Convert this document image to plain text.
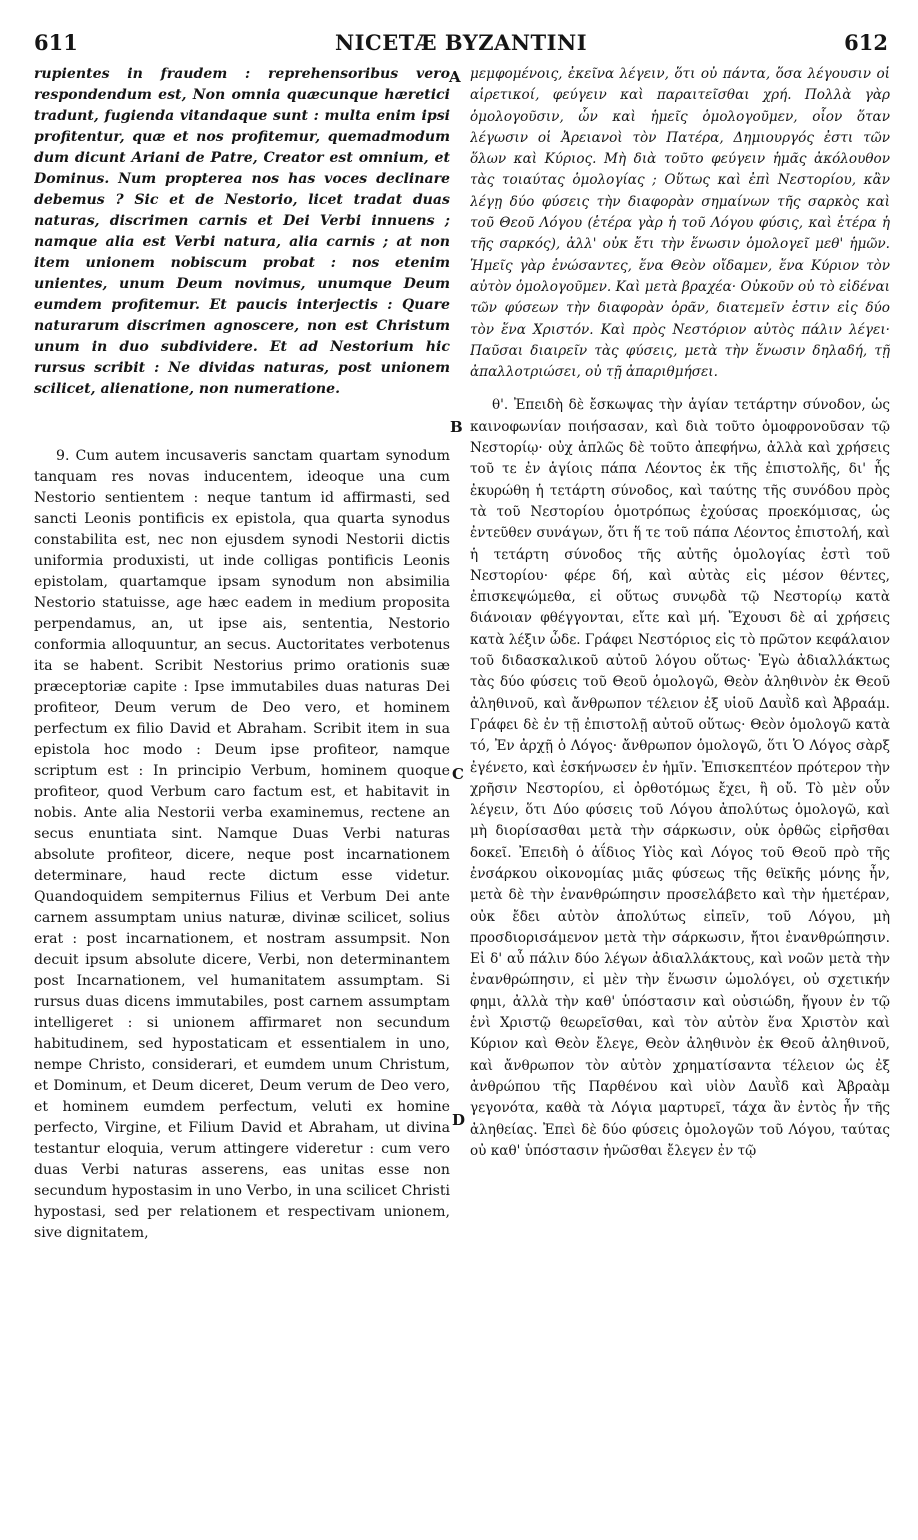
611	NICETÆ BYZANTINI	612

rupientes in fraudem : reprehensoribus vero respondendum est, Non omnia quæcunque hæretici tradunt, fugienda vitandaque sunt : multa enim ipsi profitentur, quæ et nos profitemur, quemadmodum dum dicunt Ariani de Patre, Creator est omnium, et Dominus. Num propterea nos has voces declinare debemus ? Sic et de Nestorio, licet tradat duas naturas, discrimen carnis et Dei Verbi innuens ; namque alia est Verbi natura, alia carnis ; at non item unionem nobiscum probat : nos etenim unientes, unum Deum novimus, unumque Deum eumdem profitemur. Et paucis interjectis : Quare naturarum discrimen agnoscere, non est Christum unum in duo subdividere. Et ad Nestorium hic rursus scribit : Ne dividas naturas, post unionem scilicet, alienatione, non numeratione.

9. Cum autem incusaveris sanctam quartam synodum tanquam res novas inducentem, ideoque una cum Nestorio sentientem : neque tantum id affirmasti, sed sancti Leonis pontificis ex epistola, qua quarta synodus constabilita est, nec non ejusdem synodi Nestorii dictis uniformia produxisti, ut inde colligas pontificis Leonis epistolam, quartamque ipsam synodum non absimilia Nestorio statuisse, age hæc eadem in medium proposita perpendamus, an, ut ipse ais, sententia, Nestorio conformia alloquuntur, an secus. Auctoritates verbotenus ita se habent. Scribit Nestorius primo orationis suæ præceptoriæ capite : Ipse immutabiles duas naturas Dei profiteor, Deum verum de Deo vero, et hominem perfectum ex filio David et Abraham. Scribit item in sua epistola hoc modo : Deum ipse profiteor, namque scriptum est : In principio Verbum, hominem quoque profiteor, quod Verbum caro factum est, et habitavit in nobis. Ante alia Nestorii verba examinemus, rectene an secus enuntiata sint. Namque Duas Verbi naturas absolute profiteor, dicere, neque post incarnationem determinare, haud recte dictum esse videtur. Quandoquidem sempiternus Filius et Verbum Dei ante carnem assumptam unius naturæ, divinæ scilicet, solius erat : post incarnationem, et nostram assumpsit. Non decuit ipsum absolute dicere, Verbi, non determinantem post Incarnationem, vel humanitatem assumptam. Si rursus duas dicens immutabiles, post carnem assumptam intelligeret : si unionem affirmaret non secundum habitudinem, sed hypostaticam et essentialem in uno, nempe Christo, considerari, et eumdem unum Christum, et Dominum, et Deum diceret, Deum verum de Deo vero, et hominem eumdem perfectum, veluti ex homine perfecto, Virgine, et Filium David et Abraham, ut divina testantur eloquia, verum attingere videretur : cum vero duas Verbi naturas asserens, eas unitas esse non secundum hypostasim in uno Verbo, in una scilicet Christi hypostasi, sed per relationem et respectivam unionem, sive dignitatem,

μεμφομένοις, ἐκεῖνα λέγειν, ὅτι οὐ πάντα, ὅσα λέγουσιν οἱ αἱρετικοί, φεύγειν καὶ παραιτεῖσθαι χρή. Πολλὰ γὰρ ὁμολογοῦσιν, ὧν καὶ ἡμεῖς ὁμολογοῦμεν, οἷον ὅταν λέγωσιν οἱ Ἀρειανοὶ τὸν Πατέρα, Δημιουργός ἐστι τῶν ὅλων καὶ Κύριος. Μὴ διὰ τοῦτο φεύγειν ἡμᾶς ἀκόλουθον τὰς τοιαύτας ὁμολογίας ; Οὕτως καὶ ἐπὶ Νεστορίου, κἂν λέγῃ δύο φύσεις τὴν διαφορὰν σημαίνων τῆς σαρκὸς καὶ τοῦ Θεοῦ Λόγου (ἑτέρα γὰρ ἡ τοῦ Λόγου φύσις, καὶ ἑτέρα ἡ τῆς σαρκός), ἀλλ' οὐκ ἔτι τὴν ἕνωσιν ὁμολογεῖ μεθ' ἡμῶν. Ἡμεῖς γὰρ ἑνώσαντες, ἕνα Θεὸν οἴδαμεν, ἕνα Κύριον τὸν αὐτὸν ὁμολογοῦμεν. Καὶ μετὰ βραχέα· Οὐκοῦν οὐ τὸ εἰδέναι τῶν φύσεων τὴν διαφορὰν ὁρᾶν, διατεμεῖν ἐστιν εἰς δύο τὸν ἕνα Χριστόν. Καὶ πρὸς Νεστόριον αὐτὸς πάλιν λέγει· Παῦσαι διαιρεῖν τὰς φύσεις, μετὰ τὴν ἕνωσιν δηλαδή, τῇ ἀπαλλοτριώσει, οὐ τῇ ἀπαριθμήσει.

θ'. Ἐπειδὴ δὲ ἔσκωψας τὴν ἁγίαν τετάρτην σύνοδον, ὡς καινοφωνίαν ποιήσασαν, καὶ διὰ τοῦτο ὁμοφρονοῦσαν τῷ Νεστορίῳ· οὐχ ἁπλῶς δὲ τοῦτο ἀπεφήνω, ἀλλὰ καὶ χρήσεις τοῦ τε ἐν ἁγίοις πάπα Λέοντος ἐκ τῆς ἐπιστολῆς, δι' ἧς ἐκυρώθη ἡ τετάρτη σύνοδος, καὶ ταύτης τῆς συνόδου πρὸς τὰ τοῦ Νεστορίου ὁμοτρόπως ἐχούσας προεκόμισας, ὡς ἐντεῦθεν συνάγων, ὅτι ἥ τε τοῦ πάπα Λέοντος ἐπιστολή, καὶ ἡ τετάρτη σύνοδος τῆς αὐτῆς ὁμολογίας ἐστὶ τοῦ Νεστορίου· φέρε δή, καὶ αὐτὰς εἰς μέσον θέντες, ἐπισκεψώμεθα, εἰ οὕτως συνῳδὰ τῷ Νεστορίῳ κατὰ διάνοιαν φθέγγονται, εἴτε καὶ μή. Ἔχουσι δὲ αἱ χρήσεις κατὰ λέξιν ὧδε. Γράφει Νεστόριος εἰς τὸ πρῶτον κεφάλαιον τοῦ διδασκαλικοῦ αὐτοῦ λόγου οὕτως· Ἐγὼ ἀδιαλλάκτως τὰς δύο φύσεις τοῦ Θεοῦ ὁμολογῶ, Θεὸν ἀληθινὸν ἐκ Θεοῦ ἀληθινοῦ, καὶ ἄνθρωπον τέλειον ἐξ υἱοῦ Δαυῒδ καὶ Ἀβραάμ. Γράφει δὲ ἐν τῇ ἐπιστολῇ αὐτοῦ οὕτως· Θεὸν ὁμολογῶ κατὰ τό, Ἐν ἀρχῇ ὁ Λόγος· ἄνθρωπον ὁμολογῶ, ὅτι Ὁ Λόγος σὰρξ ἐγένετο, καὶ ἐσκήνωσεν ἐν ἡμῖν. Ἐπισκεπτέον πρότερον τὴν χρῆσιν Νεστορίου, εἰ ὀρθοτόμως ἔχει, ἢ οὔ. Τὸ μὲν οὖν λέγειν, ὅτι Δύο φύσεις τοῦ Λόγου ἀπολύτως ὁμολογῶ, καὶ μὴ διορίσασθαι μετὰ τὴν σάρκωσιν, οὐκ ὀρθῶς εἰρῆσθαι δοκεῖ. Ἐπειδὴ ὁ ἀΐδιος Υἱὸς καὶ Λόγος τοῦ Θεοῦ πρὸ τῆς ἐνσάρκου οἰκονομίας μιᾶς φύσεως τῆς θεϊκῆς μόνης ἦν, μετὰ δὲ τὴν ἐνανθρώπησιν προσελάβετο καὶ τὴν ἡμετέραν, οὐκ ἔδει αὐτὸν ἀπολύτως εἰπεῖν, τοῦ Λόγου, μὴ προσδιορισάμενον μετὰ τὴν σάρκωσιν, ἤτοι ἐνανθρώπησιν. Εἰ δ' αὖ πάλιν δύο λέγων ἀδιαλλάκτους, καὶ νοῶν μετὰ τὴν ἐνανθρώπησιν, εἰ μὲν τὴν ἕνωσιν ὡμολόγει, οὐ σχετικήν φημι, ἀλλὰ τὴν καθ' ὑπόστασιν καὶ οὐσιώδη, ἤγουν ἐν τῷ ἑνὶ Χριστῷ θεωρεῖσθαι, καὶ τὸν αὐτὸν ἕνα Χριστὸν καὶ Κύριον καὶ Θεὸν ἔλεγε, Θεὸν ἀληθινὸν ἐκ Θεοῦ ἀληθινοῦ, καὶ ἄνθρωπον τὸν αὐτὸν χρηματίσαντα τέλειον ὡς ἐξ ἀνθρώπου τῆς Παρθένου καὶ υἱὸν Δαυῒδ καὶ Ἀβραὰμ γεγονότα, καθὰ τὰ Λόγια μαρτυρεῖ, τάχα ἂν ἐντὸς ἦν τῆς ἀληθείας. Ἐπεὶ δὲ δύο φύσεις ὁμολογῶν τοῦ Λόγου, ταύτας οὐ καθ' ὑπόστασιν ἡνῶσθαι ἔλεγεν ἐν τῷ

A
B
C
D
